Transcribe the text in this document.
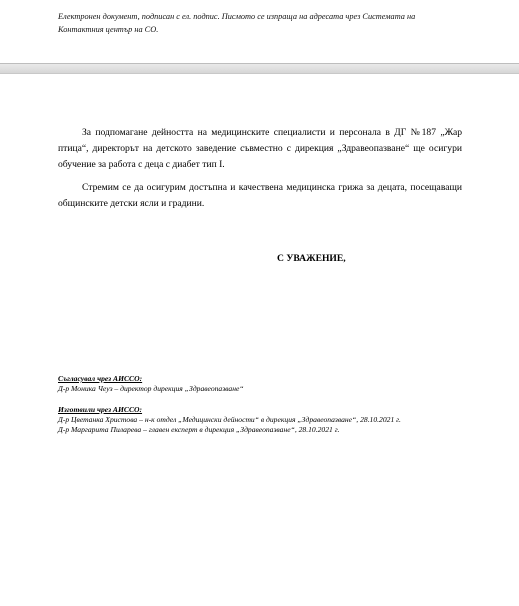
Електронен документ, подписан с ел. подпис. Писмото се изпраща на адресата чрез Системата на
Контактния център на СО.
За подпомагане дейността на медицинските специалисти и персонала в ДГ №187 „Жар птица“, директорът на детското заведение съвместно с дирекция „Здравеопазване“ ще осигури обучение за работа с деца с диабет тип I.
Стремим се да осигурим достъпна и качествена медицинска грижа за децата, посещаващи общинските детски ясли и градини.
С УВАЖЕНИЕ,
Съгласувал чрез АИССО:
Д-р Моника Чеуз – директор дирекция „Здравеопазване“
Изготвили чрез АИССО:
Д-р Цветанка Христова – н-к отдел „Медицински дейности“ в дирекция „Здравеопазване“, 28.10.2021 г.
Д-р Маргарита Пиларева – главен експерт в дирекция „Здравеопазване“, 28.10.2021 г.
